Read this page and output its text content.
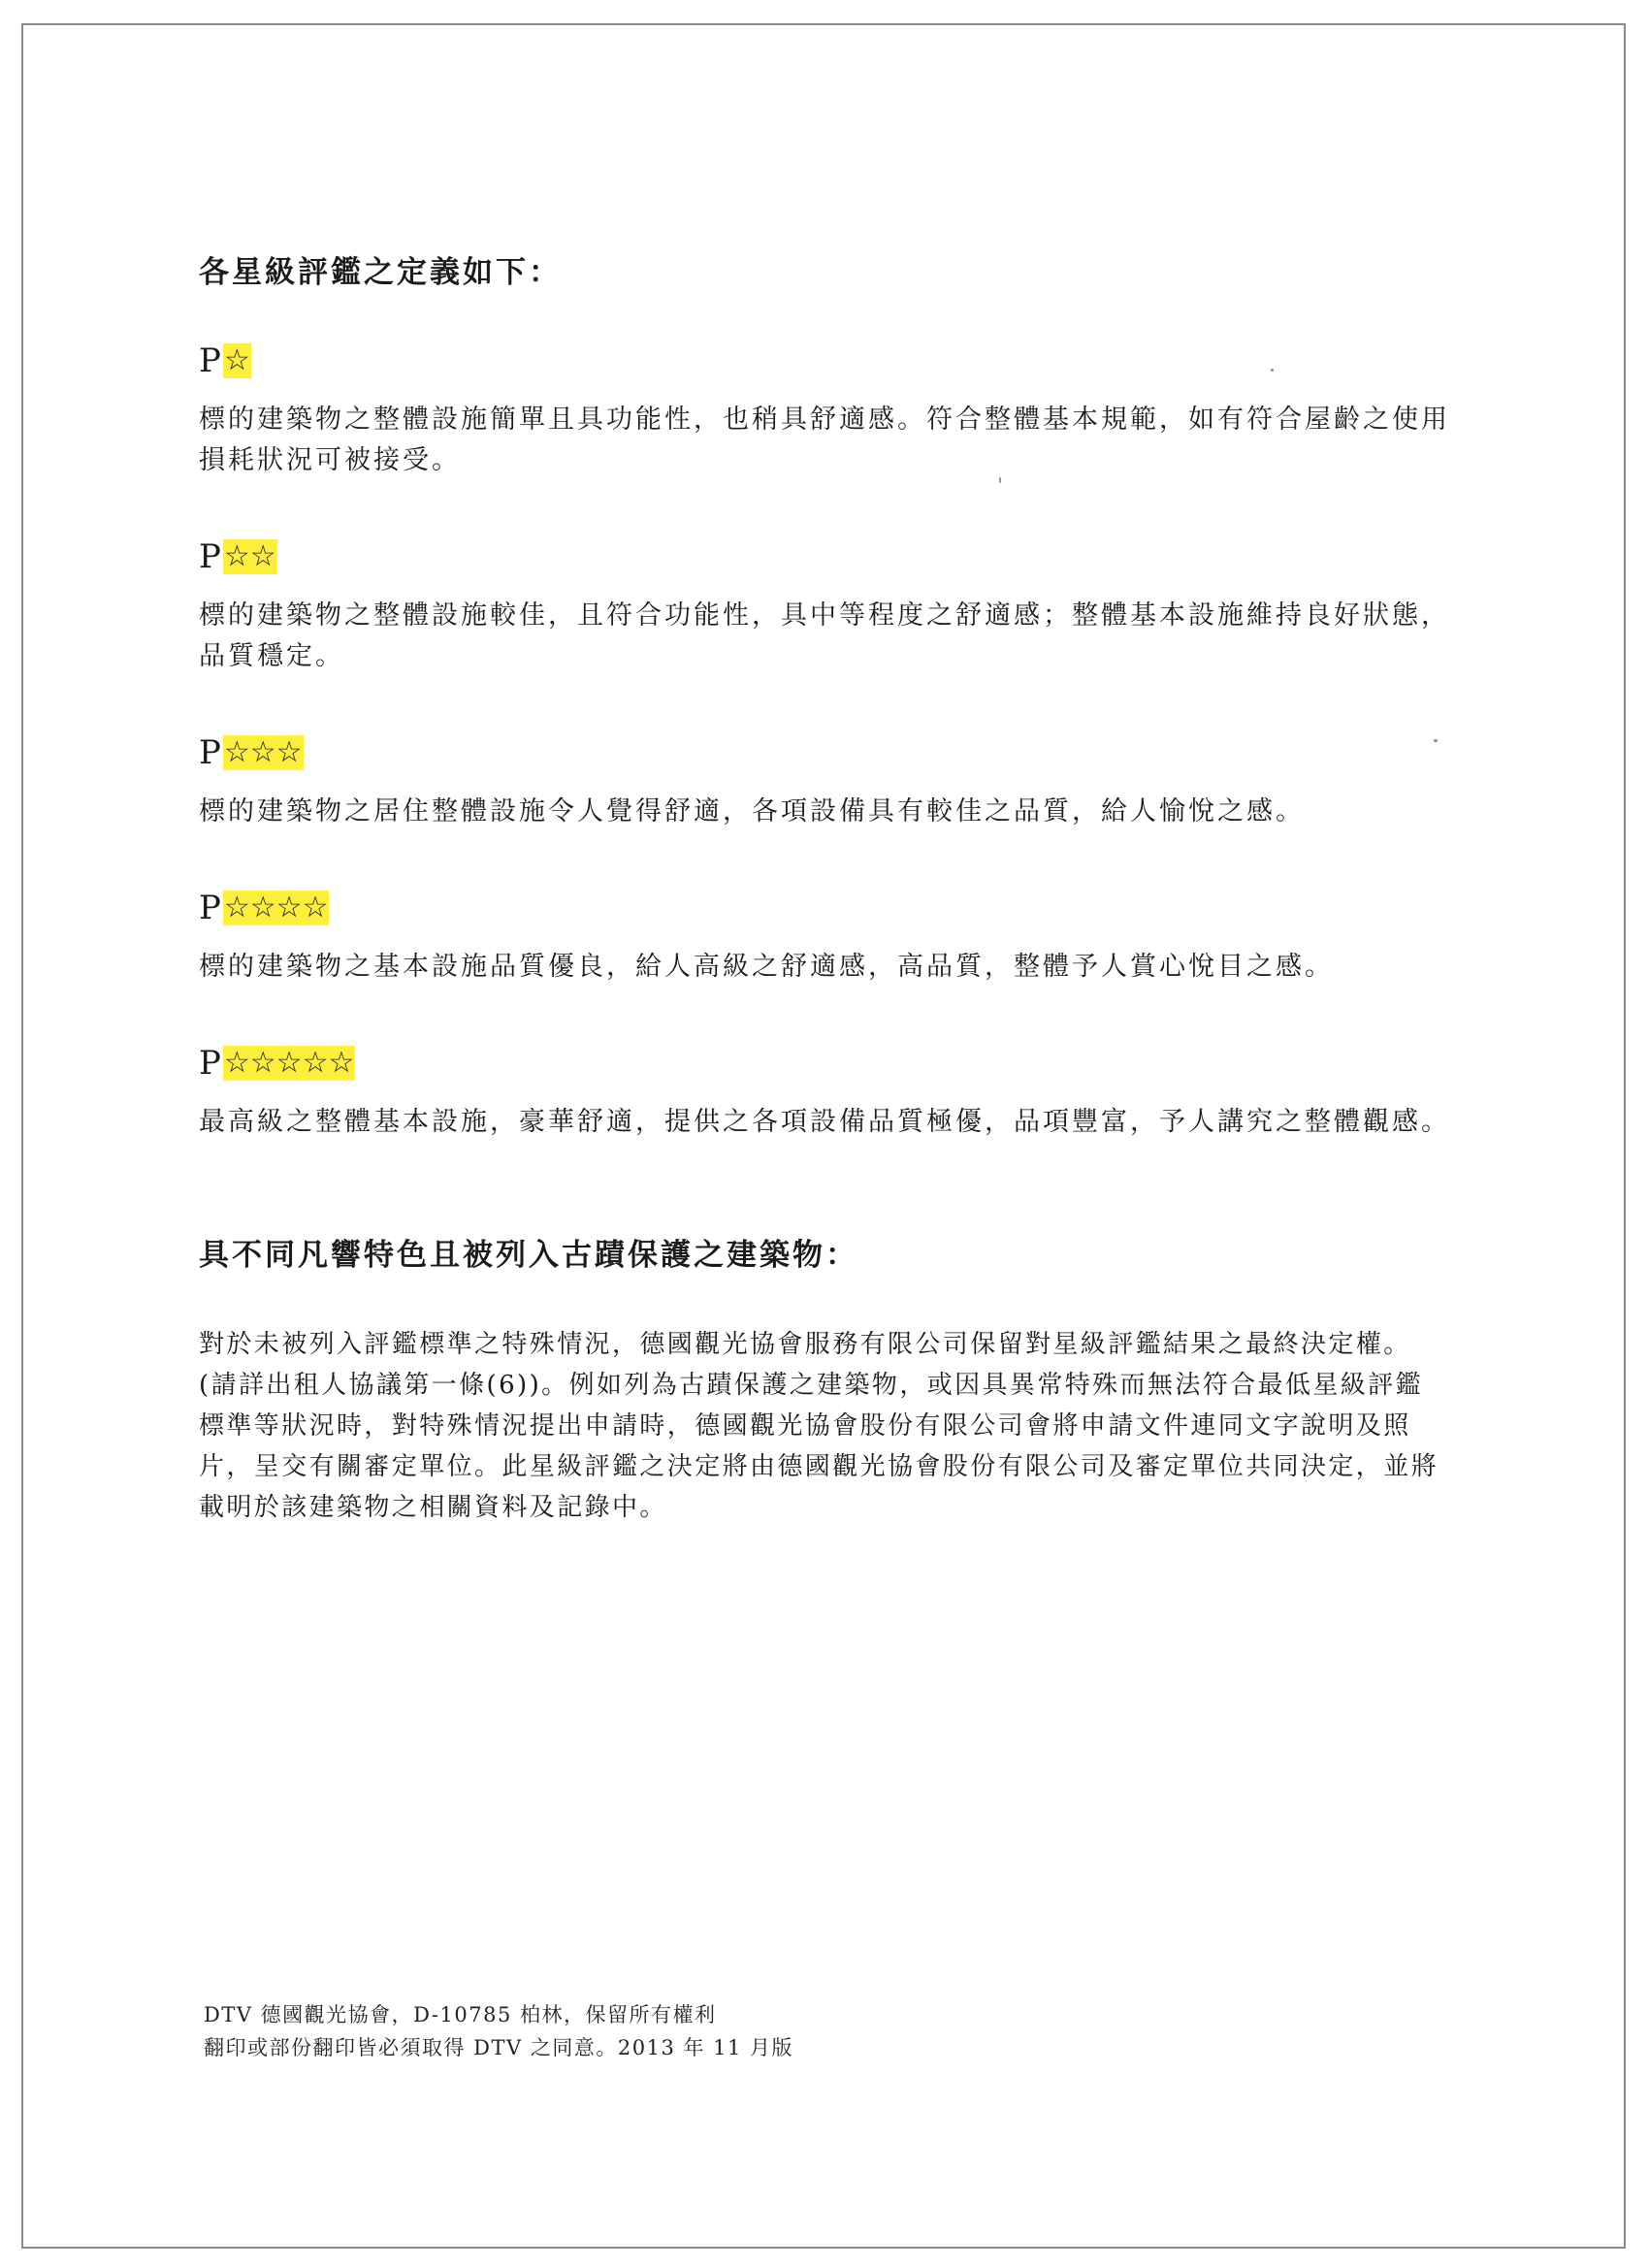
各星級評鑑之定義如下：
P ☆
標的建築物之整體設施簡單且具功能性，也稍具舒適感。符合整體基本規範，如有符合屋齡之使用損耗狀況可被接受。
P ☆☆
標的建築物之整體設施較佳，且符合功能性，具中等程度之舒適感；整體基本設施維持良好狀態，品質穩定。
P ☆☆☆
標的建築物之居住整體設施令人覺得舒適，各項設備具有較佳之品質，給人愉悅之感。
P ☆☆☆☆
標的建築物之基本設施品質優良，給人高級之舒適感，高品質，整體予人賞心悅目之感。
P ☆☆☆☆☆
最高級之整體基本設施，豪華舒適，提供之各項設備品質極優，品項豐富，予人講究之整體觀感。
具不同凡響特色且被列入古蹟保護之建築物：
對於未被列入評鑑標準之特殊情況，德國觀光協會服務有限公司保留對星級評鑑結果之最終決定權。(請詳出租人協議第一條(6))。例如列為古蹟保護之建築物，或因具異常特殊而無法符合最低星級評鑑標準等狀況時，對特殊情況提出申請時，德國觀光協會股份有限公司會將申請文件連同文字說明及照片，呈交有關審定單位。此星級評鑑之決定將由德國觀光協會股份有限公司及審定單位共同決定，並將載明於該建築物之相關資料及記錄中。
DTV 德國觀光協會，D-10785 柏林，保留所有權利
翻印或部份翻印皆必須取得 DTV 之同意。2013 年 11 月版
